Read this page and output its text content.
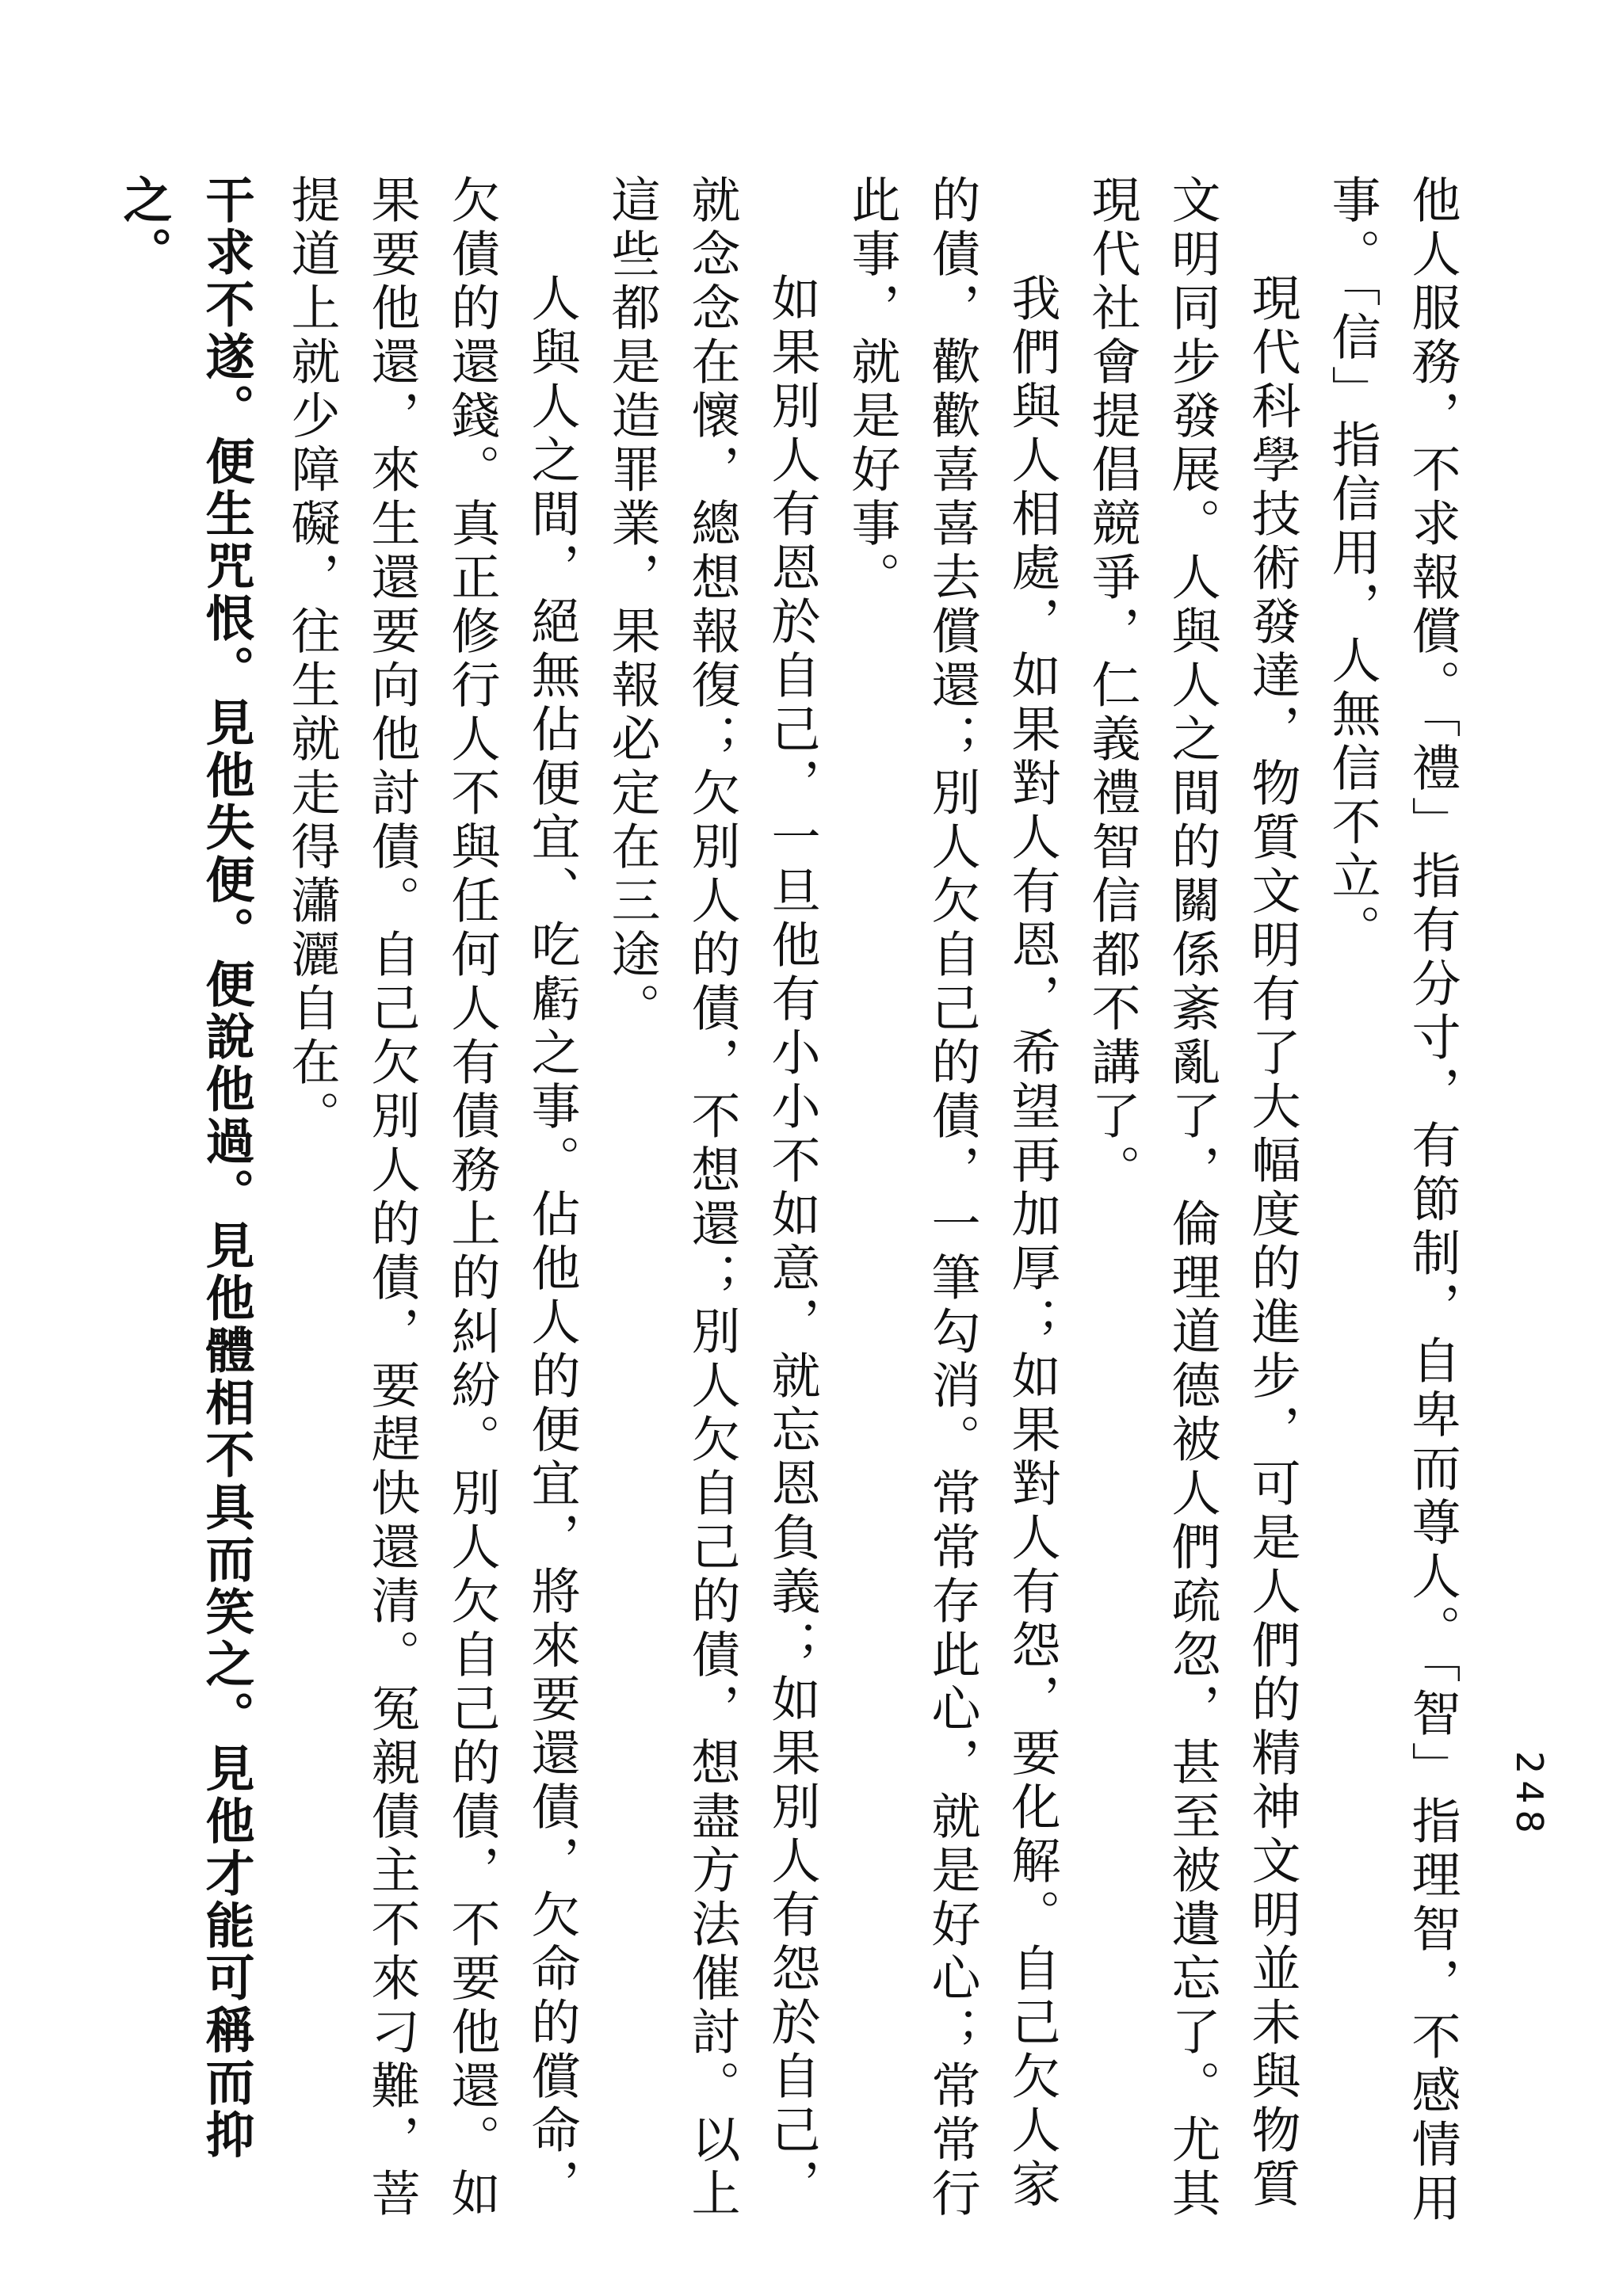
248

他人服務，不求報償。「禮」指有分寸，有節制，自卑而尊人。「智」指理智，不感情用事。「信」指信用，人無信不立。

現代科學技術發達，物質文明有了大幅度的進步，可是人們的精神文明並未與物質文明同步發展。人與人之間的關係紊亂了，倫理道德被人們疏忽，甚至被遺忘了。尤其現代社會提倡競爭，仁義禮智信都不講了。

我們與人相處，如果對人有恩，希望再加厚；如果對人有怨，要化解。自己欠人家的債，歡歡喜喜去償還；別人欠自己的債，一筆勾消。常常存此心，就是好心；常常行此事，就是好事。

如果別人有恩於自己，一旦他有小小不如意，就忘恩負義；如果別人有怨於自己，就念念在懷，總想報復；欠別人的債，不想還；別人欠自己的債，想盡方法催討。以上這些都是造罪業，果報必定在三途。

人與人之間，絕無佔便宜、吃虧之事。佔他人的便宜，將來要還債，欠命的償命，欠債的還錢。真正修行人不與任何人有債務上的糾紛。別人欠自己的債，不要他還。如果要他還，來生還要向他討債。自己欠別人的債，要趕快還清。冤親債主不來刁難，菩提道上就少障礙，往生就走得瀟灑自在。

干求不遂。便生咒恨。見他失便。便說他過。見他體相不具而笑之。見他才能可稱而抑之。
